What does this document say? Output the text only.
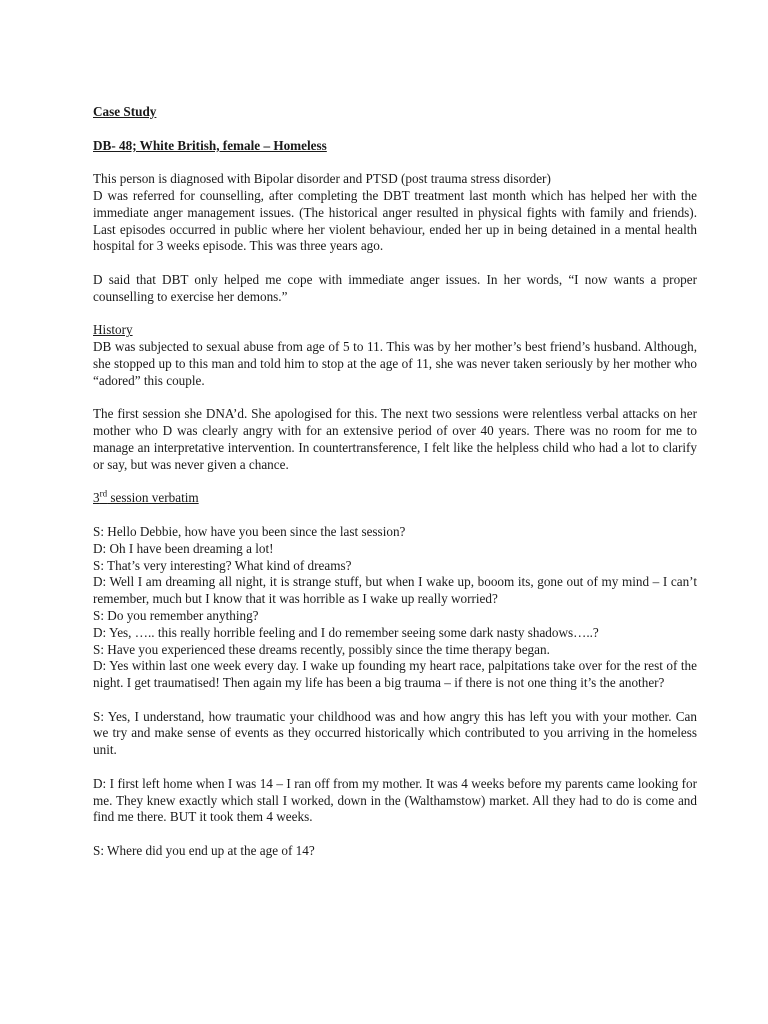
Case Study

DB- 48; White British, female – Homeless

This person is diagnosed with Bipolar disorder and PTSD (post trauma stress disorder)

D was referred for counselling, after completing the DBT treatment last month which has helped her with the immediate anger management issues. (The historical anger resulted in physical fights with family and friends). Last episodes occurred in public where her violent behaviour, ended her up in being detained in a mental health hospital for 3 weeks episode. This was three years ago.

D said that DBT only helped me cope with immediate anger issues. In her words, “I now wants a proper counselling to exercise her demons.”

History

DB was subjected to sexual abuse from age of 5 to 11. This was by her mother’s best friend’s husband. Although, she stopped up to this man and told him to stop at the age of 11, she was never taken seriously by her mother who “adored” this couple.

The first session she DNA’d. She apologised for this. The next two sessions were relentless verbal attacks on her mother who D was clearly angry with for an extensive period of over 40 years. There was no room for me to manage an interpretative intervention. In countertransference, I felt like the helpless child who had a lot to clarify or say, but was never given a chance.

3rd session verbatim

S: Hello Debbie, how have you been since the last session?

D: Oh I have been dreaming a lot!

S: That’s very interesting? What kind of dreams?

D: Well I am dreaming all night, it is strange stuff, but when I wake up, booom its, gone out of my mind – I can’t remember, much but I know that it was horrible as I wake up really worried?

S: Do you remember anything?

D: Yes, ….. this really horrible feeling and I do remember seeing some dark nasty shadows…..?

S: Have you experienced these dreams recently, possibly since the time therapy began.

D: Yes within last one week every day. I wake up founding my heart race, palpitations take over for the rest of the night. I get traumatised! Then again my life has been a big trauma – if there is not one thing it’s the another?

S: Yes, I understand, how traumatic your childhood was and how angry this has left you with your mother. Can we try and make sense of events as they occurred historically which contributed to you arriving in the homeless unit.

D: I first left home when I was 14 – I ran off from my mother. It was 4 weeks before my parents came looking for me. They knew exactly which stall I worked, down in the (Walthamstow) market. All they had to do is come and find me there. BUT it took them 4 weeks.

S: Where did you end up at the age of 14?
